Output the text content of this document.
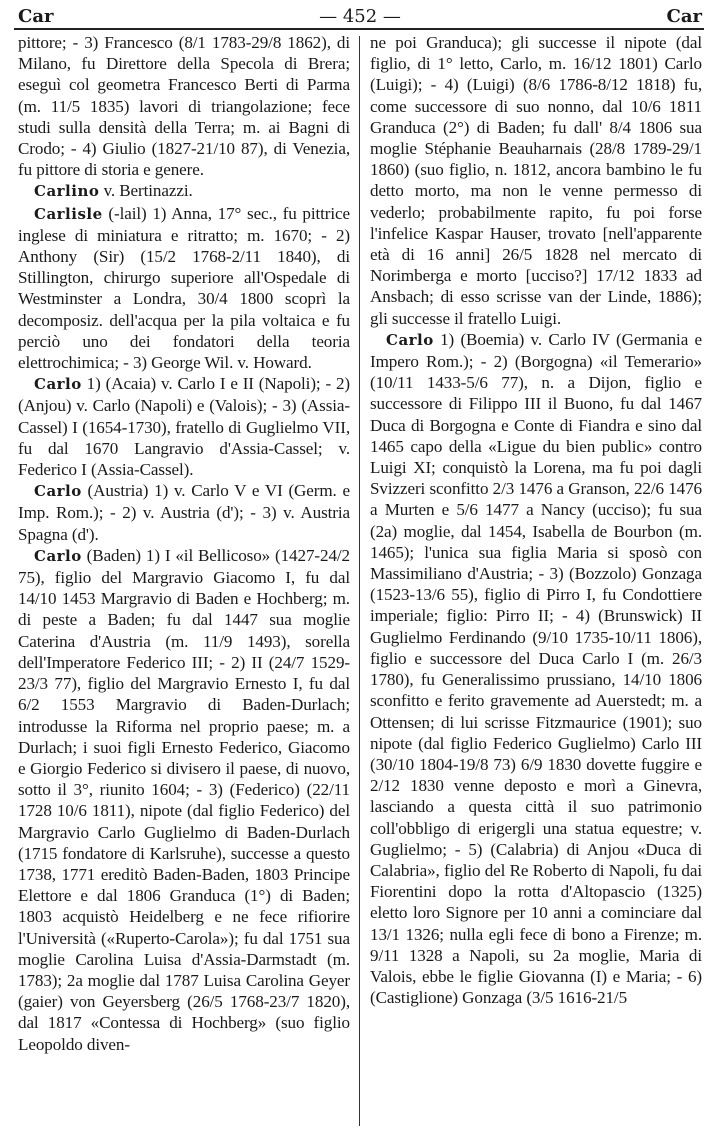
Car	— 452 —	Car

pittore; - 3) Francesco (8/1 1783-29/8 1862), di Milano, fu Direttore della Specola di Brera; eseguì col geometra Francesco Berti di Parma (m. 11/5 1835) lavori di triangolazione; fece studi sulla densità della Terra; m. ai Bagni di Crodo; - 4) Giulio (1827-21/10 87), di Venezia, fu pittore di storia e genere.

Carlino v. Bertinazzi.

Carlisle (-lail) 1) Anna, 17° sec., fu pittrice inglese di miniatura e ritratto; m. 1670; - 2) Anthony (Sir) (15/2 1768-2/11 1840), di Stillington, chirurgo superiore all'Ospedale di Westminster a Londra, 30/4 1800 scoprì la decomposiz. dell'acqua per la pila voltaica e fu perciò uno dei fondatori della teoria elettrochimica; - 3) George Wil. v. Howard.

Carlo 1) (Acaia) v. Carlo I e II (Napoli); - 2) (Anjou) v. Carlo (Napoli) e (Valois); - 3) (Assia-Cassel) I (1654-1730), fratello di Guglielmo VII, fu dal 1670 Langravio d'Assia-Cassel; v. Federico I (Assia-Cassel).

Carlo (Austria) 1) v. Carlo V e VI (Germ. e Imp. Rom.); - 2) v. Austria (d'); - 3) v. Austria Spagna (d').

Carlo (Baden) 1) I «il Bellicoso» (1427-24/2 75), figlio del Margravio Giacomo I, fu dal 14/10 1453 Margravio di Baden e Hochberg; m. di peste a Baden; fu dal 1447 sua moglie Caterina d'Austria (m. 11/9 1493), sorella dell'Imperatore Federico III; - 2) II (24/7 1529-23/3 77), figlio del Margravio Ernesto I, fu dal 6/2 1553 Margravio di Baden-Durlach; introdusse la Riforma nel proprio paese; m. a Durlach; i suoi figli Ernesto Federico, Giacomo e Giorgio Federico si divisero il paese, di nuovo, sotto il 3°, riunito 1604; - 3) (Federico) (22/11 1728 10/6 1811), nipote (dal figlio Federico) del Margravio Carlo Guglielmo di Baden-Durlach (1715 fondatore di Karlsruhe), successe a questo 1738, 1771 ereditò Baden-Baden, 1803 Principe Elettore e dal 1806 Granduca (1°) di Baden; 1803 acquistò Heidelberg e ne fece rifiorire l'Università («Ruperto-Carola»); fu dal 1751 sua moglie Carolina Luisa d'Assia-Darmstadt (m. 1783); 2a moglie dal 1787 Luisa Carolina Geyer (gaier) von Geyersberg (26/5 1768-23/7 1820), dal 1817 «Contessa di Hochberg» (suo figlio Leopoldo diven-

ne poi Granduca); gli successe il nipote (dal figlio, di 1° letto, Carlo, m. 16/12 1801) Carlo (Luigi); - 4) (Luigi) (8/6 1786-8/12 1818) fu, come successore di suo nonno, dal 10/6 1811 Granduca (2°) di Baden; fu dall' 8/4 1806 sua moglie Stéphanie Beauharnais (28/8 1789-29/1 1860) (suo figlio, n. 1812, ancora bambino le fu detto morto, ma non le venne permesso di vederlo; probabilmente rapito, fu poi forse l'infelice Kaspar Hauser, trovato [nell'apparente età di 16 anni] 26/5 1828 nel mercato di Norimberga e morto [ucciso?] 17/12 1833 ad Ansbach; di esso scrisse van der Linde, 1886); gli successe il fratello Luigi.

Carlo 1) (Boemia) v. Carlo IV (Germania e Impero Rom.); - 2) (Borgogna) «il Temerario» (10/11 1433-5/6 77), n. a Dijon, figlio e successore di Filippo III il Buono, fu dal 1467 Duca di Borgogna e Conte di Fiandra e sino dal 1465 capo della «Ligue du bien public» contro Luigi XI; conquistò la Lorena, ma fu poi dagli Svizzeri sconfitto 2/3 1476 a Granson, 22/6 1476 a Murten e 5/6 1477 a Nancy (ucciso); fu sua (2a) moglie, dal 1454, Isabella de Bourbon (m. 1465); l'unica sua figlia Maria si sposò con Massimiliano d'Austria; - 3) (Bozzolo) Gonzaga (1523-13/6 55), figlio di Pirro I, fu Condottiere imperiale; figlio: Pirro II; - 4) (Brunswick) II Guglielmo Ferdinando (9/10 1735-10/11 1806), figlio e successore del Duca Carlo I (m. 26/3 1780), fu Generalissimo prussiano, 14/10 1806 sconfitto e ferito gravemente ad Auerstedt; m. a Ottensen; di lui scrisse Fitzmaurice (1901); suo nipote (dal figlio Federico Guglielmo) Carlo III (30/10 1804-19/8 73) 6/9 1830 dovette fuggire e 2/12 1830 venne deposto e morì a Ginevra, lasciando a questa città il suo patrimonio coll'obbligo di erigergli una statua equestre; v. Guglielmo; - 5) (Calabria) di Anjou «Duca di Calabria», figlio del Re Roberto di Napoli, fu dai Fiorentini dopo la rotta d'Altopascio (1325) eletto loro Signore per 10 anni a cominciare dal 13/1 1326; nulla egli fece di bono a Firenze; m. 9/11 1328 a Napoli, su 2a moglie, Maria di Valois, ebbe le figlie Giovanna (I) e Maria; - 6) (Castiglione) Gonzaga (3/5 1616-21/5
